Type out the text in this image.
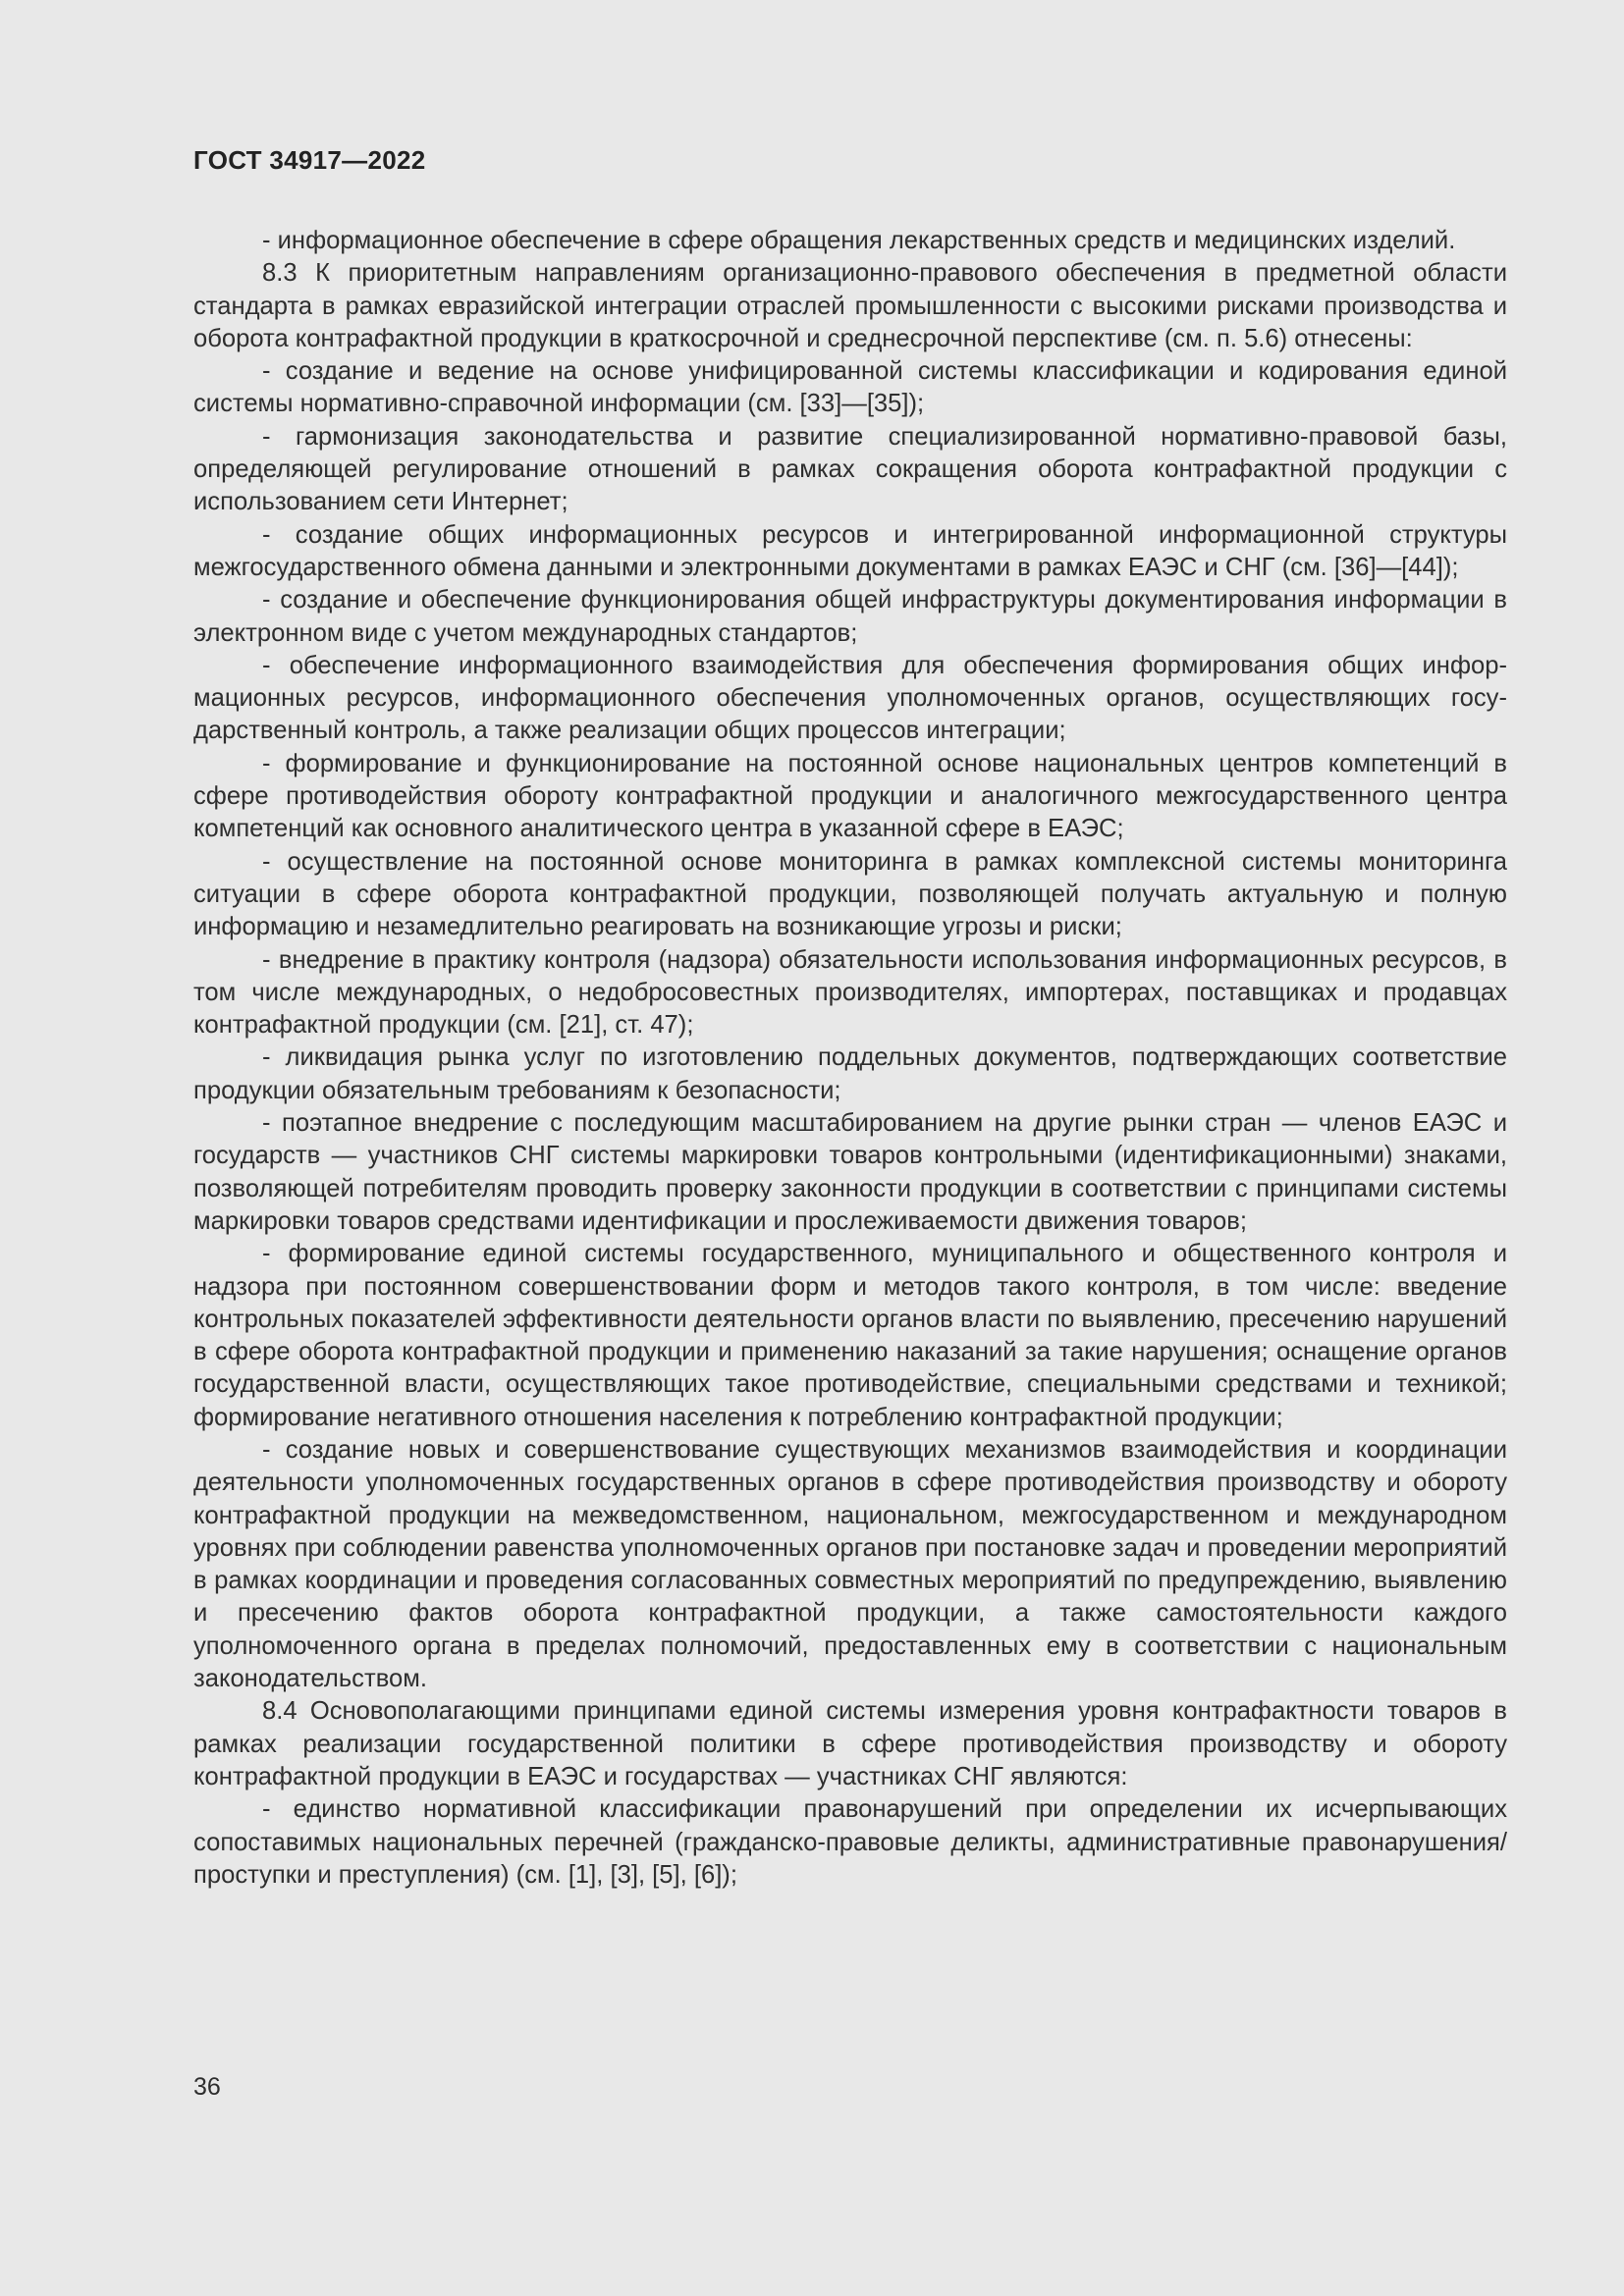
ГОСТ 34917—2022

- информационное обеспечение в сфере обращения лекарственных средств и медицинских изделий.

8.3 К приоритетным направлениям организационно-правового обеспечения в предметной области стандарта в рамках евразийской интеграции отраслей промышленности с высокими рисками производства и оборота контрафактной продукции в краткосрочной и среднесрочной перспективе (см. п. 5.6) отнесены:

- создание и ведение на основе унифицированной системы классификации и кодирования единой системы нормативно-справочной информации (см. [33]—[35]);

- гармонизация законодательства и развитие специализированной нормативно-правовой базы, определяющей регулирование отношений в рамках сокращения оборота контрафактной продукции с использованием сети Интернет;

- создание общих информационных ресурсов и интегрированной информационной структуры межгосударственного обмена данными и электронными документами в рамках ЕАЭС и СНГ (см. [36]—[44]);

- создание и обеспечение функционирования общей инфраструктуры документирования информации в электронном виде с учетом международных стандартов;

- обеспечение информационного взаимодействия для обеспечения формирования общих информационных ресурсов, информационного обеспечения уполномоченных органов, осуществляющих государственный контроль, а также реализации общих процессов интеграции;

- формирование и функционирование на постоянной основе национальных центров компетенций в сфере противодействия обороту контрафактной продукции и аналогичного межгосударственного центра компетенций как основного аналитического центра в указанной сфере в ЕАЭС;

- осуществление на постоянной основе мониторинга в рамках комплексной системы мониторинга ситуации в сфере оборота контрафактной продукции, позволяющей получать актуальную и полную информацию и незамедлительно реагировать на возникающие угрозы и риски;

- внедрение в практику контроля (надзора) обязательности использования информационных ресурсов, в том числе международных, о недобросовестных производителях, импортерах, поставщиках и продавцах контрафактной продукции (см. [21], ст. 47);

- ликвидация рынка услуг по изготовлению поддельных документов, подтверждающих соответствие продукции обязательным требованиям к безопасности;

- поэтапное внедрение с последующим масштабированием на другие рынки стран — членов ЕАЭС и государств — участников СНГ системы маркировки товаров контрольными (идентификационными) знаками, позволяющей потребителям проводить проверку законности продукции в соответствии с принципами системы маркировки товаров средствами идентификации и прослеживаемости движения товаров;

- формирование единой системы государственного, муниципального и общественного контроля и надзора при постоянном совершенствовании форм и методов такого контроля, в том числе: введение контрольных показателей эффективности деятельности органов власти по выявлению, пресечению нарушений в сфере оборота контрафактной продукции и применению наказаний за такие нарушения; оснащение органов государственной власти, осуществляющих такое противодействие, специальными средствами и техникой; формирование негативного отношения населения к потреблению контрафактной продукции;

- создание новых и совершенствование существующих механизмов взаимодействия и координации деятельности уполномоченных государственных органов в сфере противодействия производству и обороту контрафактной продукции на межведомственном, национальном, межгосударственном и международном уровнях при соблюдении равенства уполномоченных органов при постановке задач и проведении мероприятий в рамках координации и проведения согласованных совместных мероприятий по предупреждению, выявлению и пресечению фактов оборота контрафактной продукции, а также самостоятельности каждого уполномоченного органа в пределах полномочий, предоставленных ему в соответствии с национальным законодательством.

8.4 Основополагающими принципами единой системы измерения уровня контрафактности товаров в рамках реализации государственной политики в сфере противодействия производству и обороту контрафактной продукции в ЕАЭС и государствах — участниках СНГ являются:

- единство нормативной классификации правонарушений при определении их исчерпывающих сопоставимых национальных перечней (гражданско-правовые деликты, административные правонарушения/проступки и преступления) (см. [1], [3], [5], [6]);

36
